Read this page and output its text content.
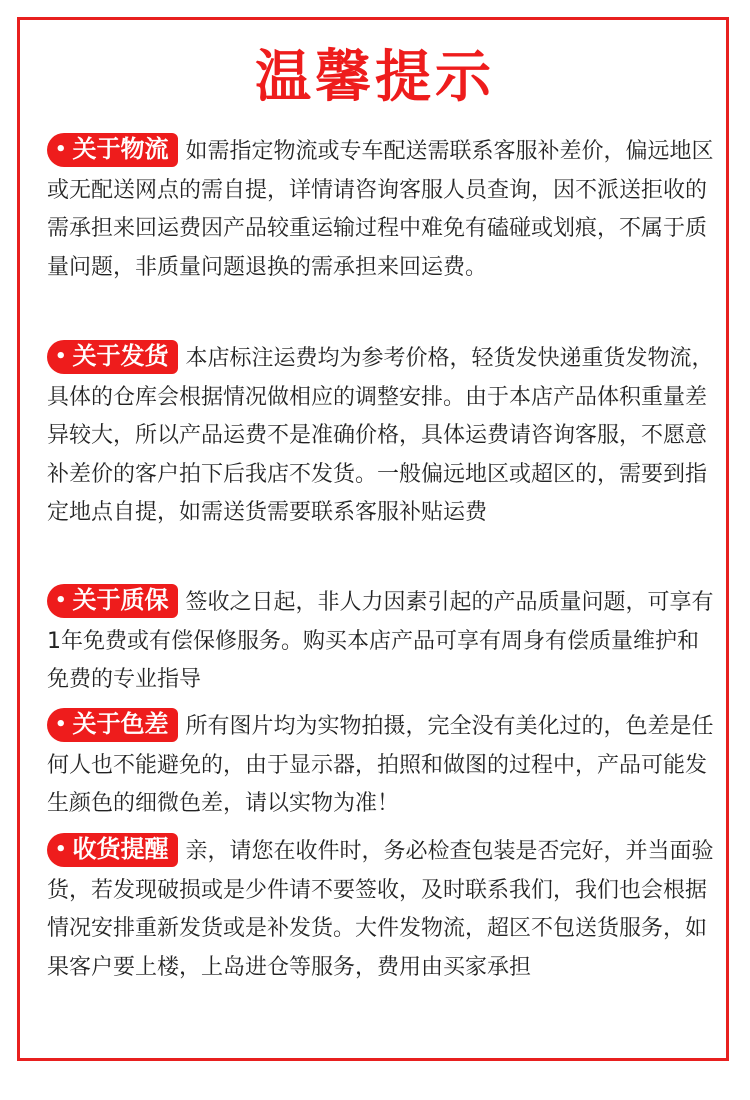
温馨提示
• 关于物流 如需指定物流或专车配送需联系客服补差价，偏远地区或无配送网点的需自提，详情请咨询客服人员查询，因不派送拒收的需承担来回运费因产品较重运输过程中难免有磕碰或划痕，不属于质量问题，非质量问题退换的需承担来回运费。
• 关于发货 本店标注运费均为参考价格，轻货发快递重货发物流，具体的仓库会根据情况做相应的调整安排。由于本店产品体积重量差异较大，所以产品运费不是准确价格，具体运费请咨询客服，不愿意补差价的客户拍下后我店不发货。一般偏远地区或超区的，需要到指定地点自提，如需送货需要联系客服补贴运费
• 关于质保 签收之日起，非人力因素引起的产品质量问题，可享有1年免费或有偿保修服务。购买本店产品可享有周身有偿质量维护和免费的专业指导
• 关于色差 所有图片均为实物拍摄，完全没有美化过的，色差是任何人也不能避免的，由于显示器，拍照和做图的过程中，产品可能发生颜色的细微色差，请以实物为准！
• 收货提醒 亲，请您在收件时，务必检查包装是否完好，并当面验货，若发现破损或是少件请不要签收，及时联系我们，我们也会根据情况安排重新发货或是补发货。大件发物流，超区不包送货服务，如果客户要上楼，上岛进仓等服务，费用由买家承担
